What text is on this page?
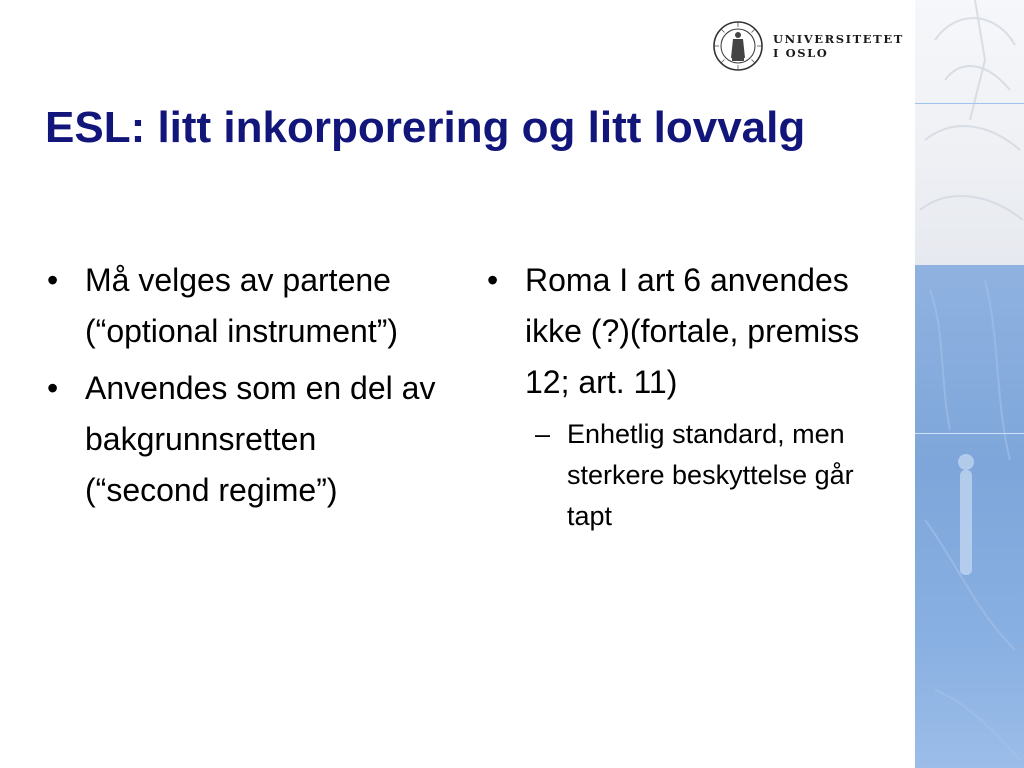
UNIVERSITETET
I OSLO
ESL: litt inkorporering og litt lovvalg
• Må velges av partene (“optional instrument”)
• Anvendes som en del av bakgrunnsretten (“second regime”)
• Roma I art 6 anvendes ikke (?)(fortale, premiss 12; art. 11)
– Enhetlig standard, men sterkere beskyttelse går tapt
